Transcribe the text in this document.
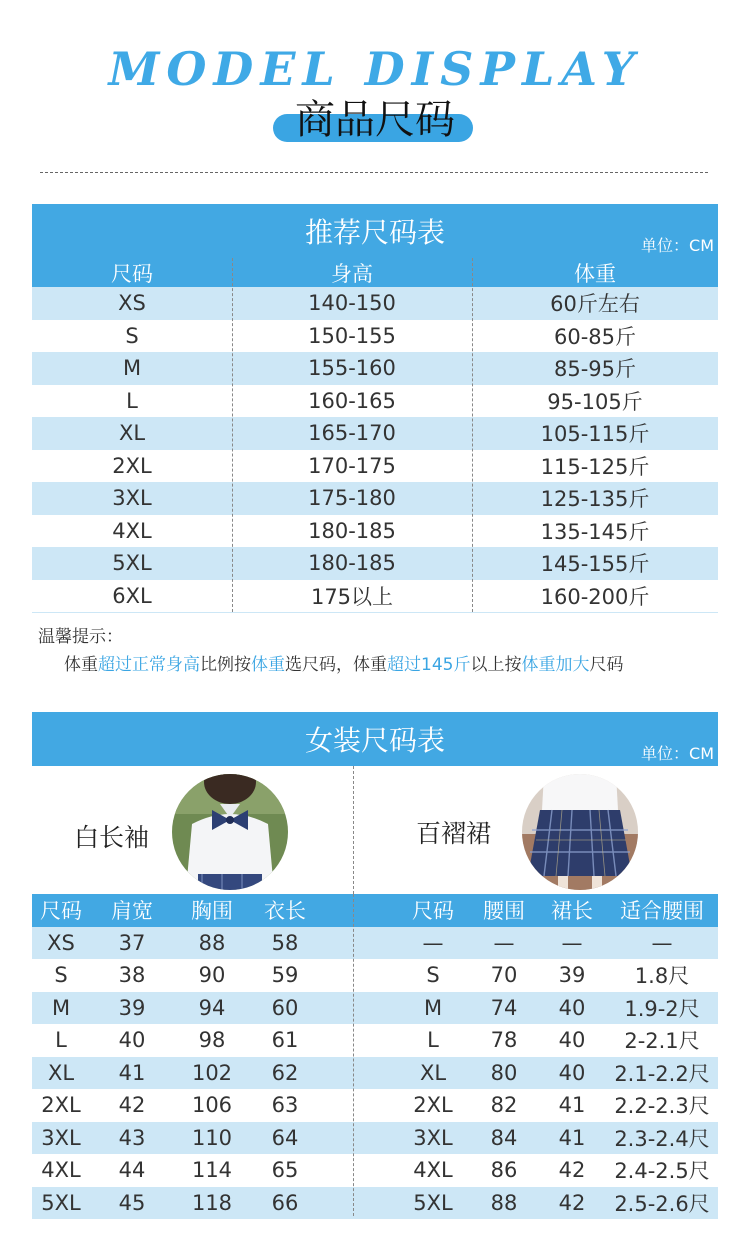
MODEL DISPLAY
商品尺码
推荐尺码表	单位：CM
尺码	身高	体重
XS	140-150	60斤左右
S	150-155	60-85斤
M	155-160	85-95斤
L	160-165	95-105斤
XL	165-170	105-115斤
2XL	170-175	115-125斤
3XL	175-180	125-135斤
4XL	180-185	135-145斤
5XL	180-185	145-155斤
6XL	175以上	160-200斤
温馨提示：
体重超过正常身高比例按体重选尺码，体重超过145斤以上按体重加大尺码
女装尺码表	单位：CM
白长袖	百褶裙
尺码	肩宽	胸围	衣长	尺码	腰围	裙长	适合腰围
XS	37	88	58	—	—	—	—
S	38	90	59	S	70	39	1.8尺
M	39	94	60	M	74	40	1.9-2尺
L	40	98	61	L	78	40	2-2.1尺
XL	41	102	62	XL	80	40	2.1-2.2尺
2XL	42	106	63	2XL	82	41	2.2-2.3尺
3XL	43	110	64	3XL	84	41	2.3-2.4尺
4XL	44	114	65	4XL	86	42	2.4-2.5尺
5XL	45	118	66	5XL	88	42	2.5-2.6尺
